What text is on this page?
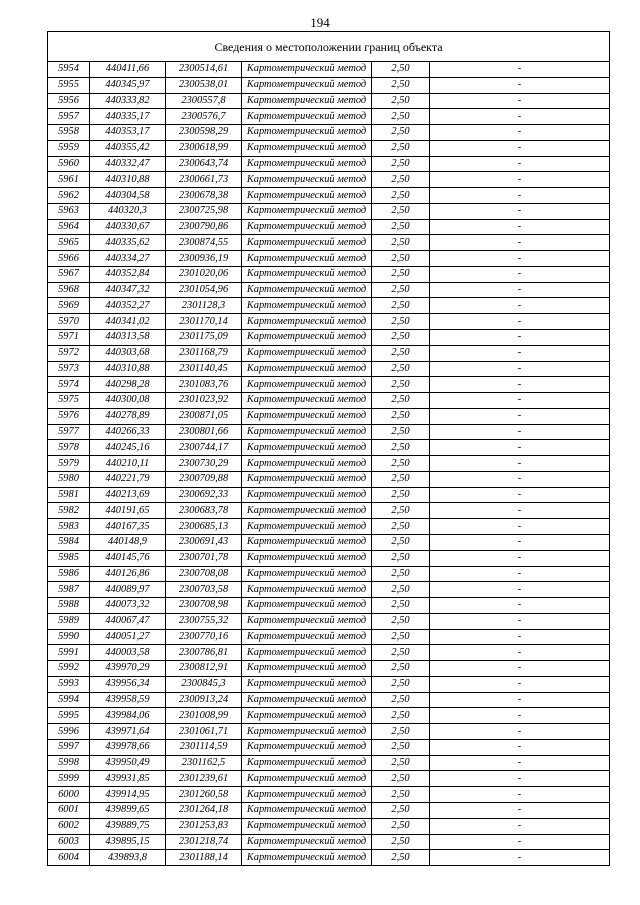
194
Сведения о местоположении границ объекта					
5954	440411,66	2300514,61	Картометрический метод	2,50	-
5955	440345,97	2300538,01	Картометрический метод	2,50	-
5956	440333,82	2300557,8	Картометрический метод	2,50	-
5957	440335,17	2300576,7	Картометрический метод	2,50	-
5958	440353,17	2300598,29	Картометрический метод	2,50	-
5959	440355,42	2300618,99	Картометрический метод	2,50	-
5960	440332,47	2300643,74	Картометрический метод	2,50	-
5961	440310,88	2300661,73	Картометрический метод	2,50	-
5962	440304,58	2300678,38	Картометрический метод	2,50	-
5963	440320,3	2300725,98	Картометрический метод	2,50	-
5964	440330,67	2300790,86	Картометрический метод	2,50	-
5965	440335,62	2300874,55	Картометрический метод	2,50	-
5966	440334,27	2300936,19	Картометрический метод	2,50	-
5967	440352,84	2301020,06	Картометрический метод	2,50	-
5968	440347,32	2301054,96	Картометрический метод	2,50	-
5969	440352,27	2301128,3	Картометрический метод	2,50	-
5970	440341,02	2301170,14	Картометрический метод	2,50	-
5971	440313,58	2301175,09	Картометрический метод	2,50	-
5972	440303,68	2301168,79	Картометрический метод	2,50	-
5973	440310,88	2301140,45	Картометрический метод	2,50	-
5974	440298,28	2301083,76	Картометрический метод	2,50	-
5975	440300,08	2301023,92	Картометрический метод	2,50	-
5976	440278,89	2300871,05	Картометрический метод	2,50	-
5977	440266,33	2300801,66	Картометрический метод	2,50	-
5978	440245,16	2300744,17	Картометрический метод	2,50	-
5979	440210,11	2300730,29	Картометрический метод	2,50	-
5980	440221,79	2300709,88	Картометрический метод	2,50	-
5981	440213,69	2300692,33	Картометрический метод	2,50	-
5982	440191,65	2300683,78	Картометрический метод	2,50	-
5983	440167,35	2300685,13	Картометрический метод	2,50	-
5984	440148,9	2300691,43	Картометрический метод	2,50	-
5985	440145,76	2300701,78	Картометрический метод	2,50	-
5986	440126,86	2300708,08	Картометрический метод	2,50	-
5987	440089,97	2300703,58	Картометрический метод	2,50	-
5988	440073,32	2300708,98	Картометрический метод	2,50	-
5989	440067,47	2300755,32	Картометрический метод	2,50	-
5990	440051,27	2300770,16	Картометрический метод	2,50	-
5991	440003,58	2300786,81	Картометрический метод	2,50	-
5992	439970,29	2300812,91	Картометрический метод	2,50	-
5993	439956,34	2300845,3	Картометрический метод	2,50	-
5994	439958,59	2300913,24	Картометрический метод	2,50	-
5995	439984,06	2301008,99	Картометрический метод	2,50	-
5996	439971,64	2301061,71	Картометрический метод	2,50	-
5997	439978,66	2301114,59	Картометрический метод	2,50	-
5998	439950,49	2301162,5	Картометрический метод	2,50	-
5999	439931,85	2301239,61	Картометрический метод	2,50	-
6000	439914,95	2301260,58	Картометрический метод	2,50	-
6001	439899,65	2301264,18	Картометрический метод	2,50	-
6002	439889,75	2301253,83	Картометрический метод	2,50	-
6003	439895,15	2301218,74	Картометрический метод	2,50	-
6004	439893,8	2301188,14	Картометрический метод	2,50	-
